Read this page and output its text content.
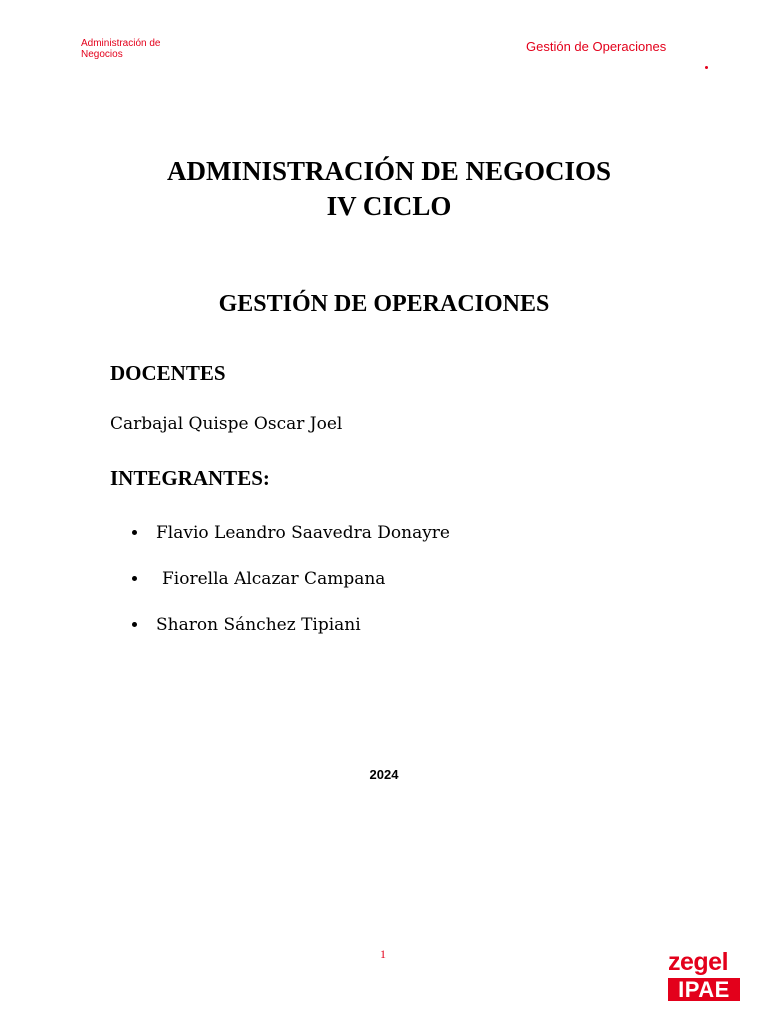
Administración de Negocios
Gestión de Operaciones
ADMINISTRACIÓN DE NEGOCIOS
IV CICLO
GESTIÓN DE OPERACIONES
DOCENTES
Carbajal Quispe Oscar Joel
INTEGRANTES:
Flavio Leandro Saavedra Donayre
Fiorella Alcazar Campana
Sharon Sánchez Tipiani
2024
1	zegel
IPAE
